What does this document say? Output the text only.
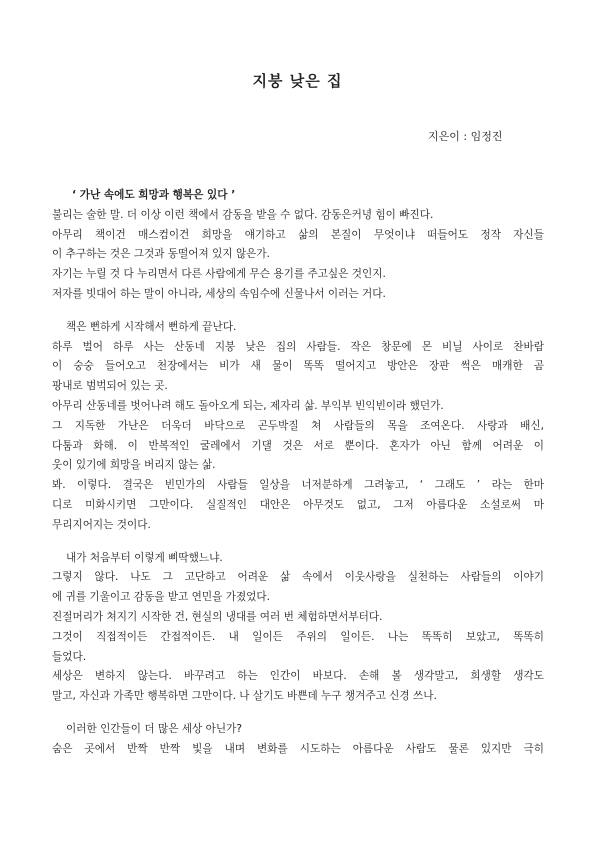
지붕 낮은 집
지은이 : 임정진
‘ 가난 속에도 희망과 행복은 있다 ’
불리는 술한 말. 더 이상 이런 책에서 감동을 받을 수 없다. 감동은커녕 힘이 빠진다.
아무리 책이건 매스컴이건 희망을 얘기하고 삶의 본질이 무엇이냐 떠들어도 정작 자신들
이 추구하는 것은 그것과 동떨어져 있지 않은가.
자기는 누릴 것 다 누리면서 다른 사람에게 무슨 용기를 주고싶은 것인지.
저자를 빗대어 하는 말이 아니라, 세상의 속임수에 신물나서 이러는 거다.
책은 뻔하게 시작해서 뻔하게 끝난다.
하루 벌어 하루 사는 산동네 지붕 낮은 집의 사람들. 작은 창문에 몬 비닐 사이로 찬바람
이 숭숭 들어오고 천장에서는 비가 새 물이 똑똑 떨어지고 방안은 장판 썩은 매캐한 곰
팡내로 범벅되어 있는 곳.
아무리 산동네를 벗어나려 해도 돌아오게 되는, 제자리 삶. 부익부 빈익빈이라 했던가.
그 지독한 가난은 더욱더 바닥으로 곤두박질 쳐 사람들의 목을 조여온다. 사랑과 배신,
다툼과 화해. 이 반복적인 굴레에서 기댈 것은 서로 뿐이다. 혼자가 아닌 함께 어려운 이
웃이 있기에 희망을 버리지 않는 삶.
봐. 이렇다. 결국은 빈민가의 사람들 일상을 너저분하게 그려놓고, ‘ 그래도 ’ 라는 한마
디로 미화시키면 그만이다. 실질적인 대안은 아무것도 없고, 그저 아름다운 소설로써 마
무리지어지는 것이다.
내가 처음부터 이렇게 삐딱했느냐.
그렇지 않다. 나도 그 고단하고 어려운 삶 속에서 이웃사랑을 실천하는 사람들의 이야기
에 귀를 기울이고 감동을 받고 연민을 가졌었다.
진절머리가 쳐지기 시작한 건, 현실의 냉대를 여러 번 체험하면서부터다.
그것이 직접적이든 간접적이든. 내 일이든 주위의 일이든. 나는 똑똑히 보았고, 똑똑히
들었다.
세상은 변하지 않는다. 바꾸려고 하는 인간이 바보다. 손해 볼 생각말고, 희생할 생각도
말고, 자신과 가족만 행복하면 그만이다. 나 살기도 바쁜데 누구 챙겨주고 신경 쓰나.
이러한 인간들이 더 많은 세상 아닌가?
숨은 곳에서 반짝 반짝 빛을 내며 변화를 시도하는 아름다운 사람도 물론 있지만 극히
